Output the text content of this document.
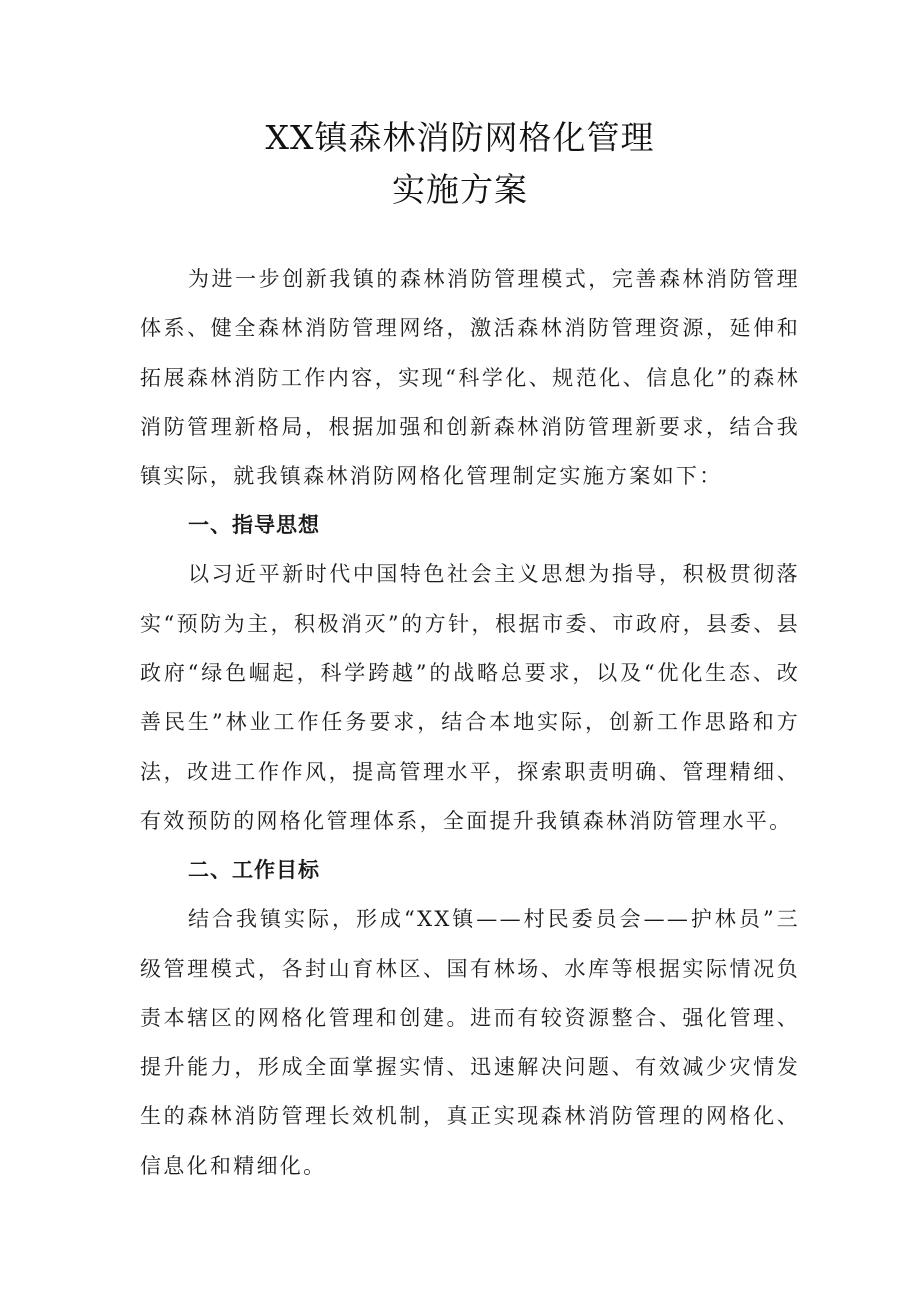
XX镇森林消防网格化管理
实施方案

为进一步创新我镇的森林消防管理模式，完善森林消防管理体系、健全森林消防管理网络，激活森林消防管理资源，延伸和拓展森林消防工作内容，实现“科学化、规范化、信息化”的森林消防管理新格局，根据加强和创新森林消防管理新要求，结合我镇实际，就我镇森林消防网格化管理制定实施方案如下：

一、指导思想

以习近平新时代中国特色社会主义思想为指导，积极贯彻落实“预防为主，积极消灭”的方针，根据市委、市政府，县委、县政府“绿色崛起，科学跨越”的战略总要求，以及“优化生态、改善民生”林业工作任务要求，结合本地实际，创新工作思路和方法，改进工作作风，提高管理水平，探索职责明确、管理精细、有效预防的网格化管理体系，全面提升我镇森林消防管理水平。

二、工作目标

结合我镇实际，形成“XX镇——村民委员会——护林员”三级管理模式，各封山育林区、国有林场、水库等根据实际情况负责本辖区的网格化管理和创建。进而有较资源整合、强化管理、提升能力，形成全面掌握实情、迅速解决问题、有效减少灾情发生的森林消防管理长效机制，真正实现森林消防管理的网格化、信息化和精细化。
